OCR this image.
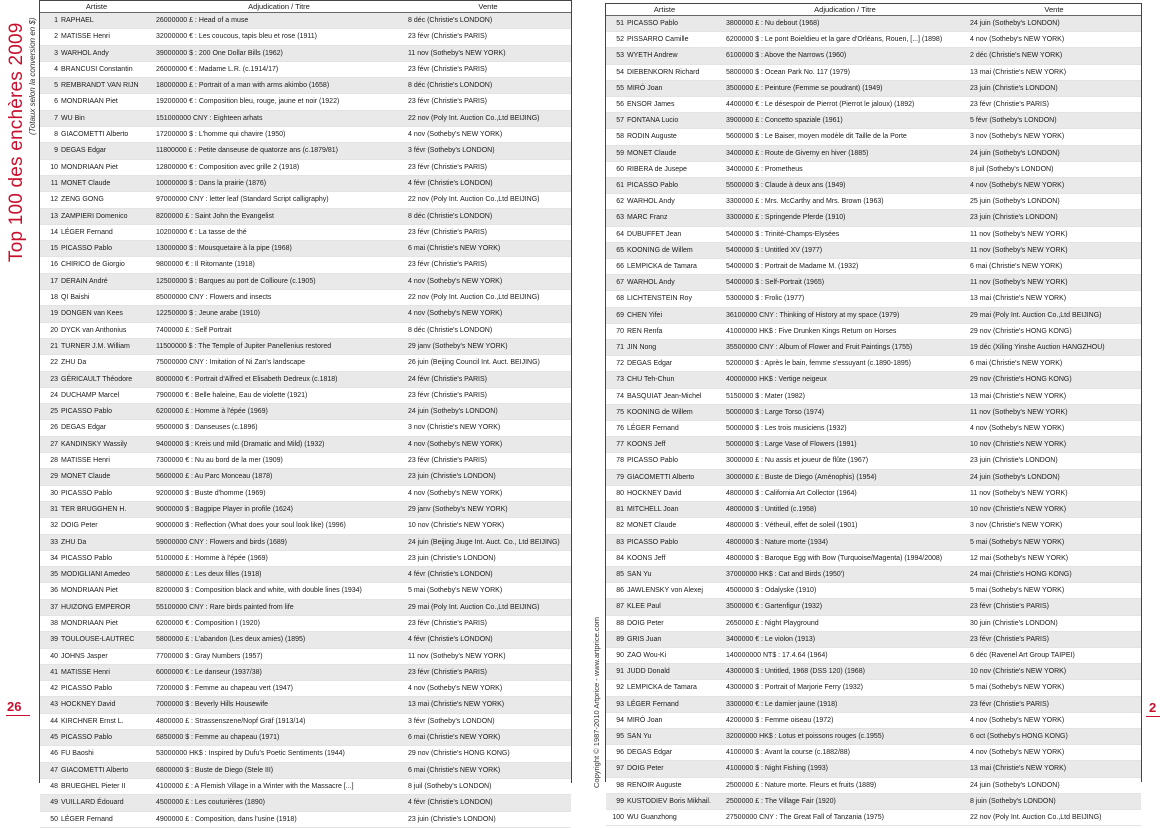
Top 100 des enchères 2009 (Totaux selon la conversion en $)
Copyright © 1987-2010 Artprice - www.artprice.com
26	2
Artiste	Adjudication / Titre	Vente
1 RAPHAEL	26000000 £ : Head of a muse	8 déc (Christie's LONDON)
2 MATISSE Henri	32000000 € : Les coucous, tapis bleu et rose (1911)	23 févr (Christie's PARIS)
3 WARHOL Andy	39000000 $ : 200 One Dollar Bills (1962)	11 nov (Sotheby's NEW YORK)
4 BRANCUSI Constantin	26000000 € : Madame L.R. (c.1914/17)	23 févr (Christie's PARIS)
5 REMBRANDT VAN RIJN	18000000 £ : Portrait of a man with arms akimbo (1658)	8 déc (Christie's LONDON)
6 MONDRIAAN Piet	19200000 € : Composition bleu, rouge, jaune et noir (1922)	23 févr (Christie's PARIS)
7 WU Bin	151000000 CNY : Eighteen arhats	22 nov (Poly Int. Auction Co.,Ltd BEIJING)
8 GIACOMETTI Alberto	17200000 $ : L'homme qui chavire (1950)	4 nov (Sotheby's NEW YORK)
9 DEGAS Edgar	11800000 £ : Petite danseuse de quatorze ans (c.1879/81)	3 févr (Sotheby's LONDON)
10 MONDRIAAN Piet	12800000 € : Composition avec grille 2 (1918)	23 févr (Christie's PARIS)
11 MONET Claude	10000000 $ : Dans la prairie (1876)	4 févr (Christie's LONDON)
12 ZENG GONG	97000000 CNY : letter leaf (Standard Script calligraphy)	22 nov (Poly Int. Auction Co.,Ltd BEIJING)
13 ZAMPIERI Domenico	8200000 £ : Saint John the Evangelist	8 déc (Christie's LONDON)
14 LÉGER Fernand	10200000 € : La tasse de thé	23 févr (Christie's PARIS)
15 PICASSO Pablo	13000000 $ : Mousquetaire à la pipe (1968)	6 mai (Christie's NEW YORK)
16 CHIRICO de Giorgio	9800000 € : Il Ritornante (1918)	23 févr (Christie's PARIS)
17 DERAIN André	12500000 $ : Barques au port de Collioure (c.1905)	4 nov (Sotheby's NEW YORK)
18 QI Baishi	85000000 CNY : Flowers and insects	22 nov (Poly Int. Auction Co.,Ltd BEIJING)
19 DONGEN van Kees	12250000 $ : Jeune arabe (1910)	4 nov (Sotheby's NEW YORK)
20 DYCK van Anthonius	7400000 £ : Self Portrait	8 déc (Christie's LONDON)
21 TURNER J.M. William	11500000 $ : The Temple of Jupiter Panellenius restored	29 janv (Sotheby's NEW YORK)
22 ZHU Da	75000000 CNY : Imitation of Ni Zan's landscape	26 juin (Beijing Council Int. Auct. BEIJING)
23 GÉRICAULT Théodore	8000000 € : Portrait d'Alfred et Elisabeth Dedreux (c.1818)	24 févr (Christie's PARIS)
24 DUCHAMP Marcel	7900000 € : Belle haleine, Eau de violette (1921)	23 févr (Christie's PARIS)
25 PICASSO Pablo	6200000 £ : Homme à l'épée (1969)	24 juin (Sotheby's LONDON)
26 DEGAS Edgar	9500000 $ : Danseuses (c.1896)	3 nov (Christie's NEW YORK)
27 KANDINSKY Wassily	9400000 $ : Kreis und mild (Dramatic and Mild) (1932)	4 nov (Sotheby's NEW YORK)
28 MATISSE Henri	7300000 € : Nu au bord de la mer (1909)	23 févr (Christie's PARIS)
29 MONET Claude	5600000 £ : Au Parc Monceau (1878)	23 juin (Christie's LONDON)
30 PICASSO Pablo	9200000 $ : Buste d'homme (1969)	4 nov (Sotheby's NEW YORK)
31 TER BRUGGHEN H.	9000000 $ : Bagpipe Player in profile (1624)	29 janv (Sotheby's NEW YORK)
32 DOIG Peter	9000000 $ : Reflection (What does your soul look like) (1996)	10 nov (Christie's NEW YORK)
33 ZHU Da	59000000 CNY : Flowers and birds (1689)	24 juin (Beijing Jiuge Int. Auct. Co., Ltd BEIJING)
34 PICASSO Pablo	5100000 £ : Homme à l'épée (1969)	23 juin (Christie's LONDON)
35 MODIGLIANI Amedeo	5800000 £ : Les deux filles (1918)	4 févr (Christie's LONDON)
36 MONDRIAAN Piet	8200000 $ : Composition black and white, with double lines (1934)	5 mai (Sotheby's NEW YORK)
37 HUIZONG EMPEROR	55100000 CNY : Rare birds painted from life	29 mai (Poly Int. Auction Co.,Ltd BEIJING)
38 MONDRIAAN Piet	6200000 € : Composition I (1920)	23 févr (Christie's PARIS)
39 TOULOUSE-LAUTREC	5800000 £ : L'abandon (Les deux amies) (1895)	4 févr (Christie's LONDON)
40 JOHNS Jasper	7700000 $ : Gray Numbers (1957)	11 nov (Sotheby's NEW YORK)
41 MATISSE Henri	6000000 € : Le danseur (1937/38)	23 févr (Christie's PARIS)
42 PICASSO Pablo	7200000 $ : Femme au chapeau vert (1947)	4 nov (Sotheby's NEW YORK)
43 HOCKNEY David	7000000 $ : Beverly Hills Housewife	13 mai (Christie's NEW YORK)
44 KIRCHNER Ernst L.	4800000 £ : Strassenszene/Nopf Gräf (1913/14)	3 févr (Sotheby's LONDON)
45 PICASSO Pablo	6850000 $ : Femme au chapeau (1971)	6 mai (Christie's NEW YORK)
46 FU Baoshi	53000000 HK$ : Inspired by Dufu's Poetic Sentiments (1944)	29 nov (Christie's HONG KONG)
47 GIACOMETTI Alberto	6800000 $ : Buste de Diego (Stele III)	6 mai (Christie's NEW YORK)
48 BRUEGHEL Pieter II	4100000 £ : A Flemish Village in a Winter with the Massacre [...]	8 juil (Sotheby's LONDON)
49 VUILLARD Édouard	4500000 £ : Les couturières (1890)	4 févr (Christie's LONDON)
50 LÉGER Fernand	4900000 £ : Composition, dans l'usine (1918)	23 juin (Christie's LONDON)
Artiste	Adjudication / Titre	Vente
51 PICASSO Pablo	3800000 £ : Nu debout (1968)	24 juin (Sotheby's LONDON)
52 PISSARRO Camille	6200000 $ : Le pont Boieldieu et la gare d'Orléans, Rouen, [...] (1898)	4 nov (Sotheby's NEW YORK)
53 WYETH Andrew	6100000 $ : Above the Narrows (1960)	2 déc (Christie's NEW YORK)
54 DIEBENKORN Richard	5800000 $ : Ocean Park No. 117 (1979)	13 mai (Christie's NEW YORK)
55 MIRÓ Joan	3500000 £ : Peinture (Femme se poudrant) (1949)	23 juin (Christie's LONDON)
56 ENSOR James	4400000 € : Le désespoir de Pierrot (Pierrot le jaloux) (1892)	23 févr (Christie's PARIS)
57 FONTANA Lucio	3900000 £ : Concetto spaziale (1961)	5 févr (Sotheby's LONDON)
58 RODIN Auguste	5600000 $ : Le Baiser, moyen modèle dit Taille de la Porte	3 nov (Sotheby's NEW YORK)
59 MONET Claude	3400000 £ : Route de Giverny en hiver (1885)	24 juin (Sotheby's LONDON)
60 RIBERA de Jusepe	3400000 £ : Prometheus	8 juil (Sotheby's LONDON)
61 PICASSO Pablo	5500000 $ : Claude à deux ans (1949)	4 nov (Sotheby's NEW YORK)
62 WARHOL Andy	3300000 £ : Mrs. McCarthy and Mrs. Brown (1963)	25 juin (Sotheby's LONDON)
63 MARC Franz	3300000 £ : Springende Pferde (1910)	23 juin (Christie's LONDON)
64 DUBUFFET Jean	5400000 $ : Trinité-Champs-Elysées	11 nov (Sotheby's NEW YORK)
65 KOONING de Willem	5400000 $ : Untitled XV (1977)	11 nov (Sotheby's NEW YORK)
66 LEMPICKA de Tamara	5400000 $ : Portrait de Madame M. (1932)	6 mai (Christie's NEW YORK)
67 WARHOL Andy	5400000 $ : Self-Portrait (1965)	11 nov (Sotheby's NEW YORK)
68 LICHTENSTEIN Roy	5300000 $ : Frolic (1977)	13 mai (Christie's NEW YORK)
69 CHEN Yifei	36100000 CNY : Thinking of History at my space (1979)	29 mai (Poly Int. Auction Co.,Ltd BEIJING)
70 REN Renfa	41000000 HK$ : Five Drunken Kings Return on Horses	29 nov (Christie's HONG KONG)
71 JIN Nong	35500000 CNY : Album of Flower and Fruit Paintings (1755)	19 déc (Xiling Yinshe Auction HANGZHOU)
72 DEGAS Edgar	5200000 $ : Après le bain, femme s'essuyant (c.1890-1895)	6 mai (Christie's NEW YORK)
73 CHU Teh-Chun	40000000 HK$ : Vertige neigeux	29 nov (Christie's HONG KONG)
74 BASQUIAT Jean-Michel	5150000 $ : Mater (1982)	13 mai (Christie's NEW YORK)
75 KOONING de Willem	5000000 $ : Large Torso (1974)	11 nov (Sotheby's NEW YORK)
76 LÉGER Fernand	5000000 $ : Les trois musiciens (1932)	4 nov (Sotheby's NEW YORK)
77 KOONS Jeff	5000000 $ : Large Vase of Flowers (1991)	10 nov (Christie's NEW YORK)
78 PICASSO Pablo	3000000 £ : Nu assis et joueur de flûte (1967)	23 juin (Christie's LONDON)
79 GIACOMETTI Alberto	3000000 £ : Buste de Diego (Aménophis) (1954)	24 juin (Sotheby's LONDON)
80 HOCKNEY David	4800000 $ : California Art Collector (1964)	11 nov (Sotheby's NEW YORK)
81 MITCHELL Joan	4800000 $ : Untitled (c.1958)	10 nov (Christie's NEW YORK)
82 MONET Claude	4800000 $ : Vétheuil, effet de soleil (1901)	3 nov (Christie's NEW YORK)
83 PICASSO Pablo	4800000 $ : Nature morte (1934)	5 mai (Sotheby's NEW YORK)
84 KOONS Jeff	4800000 $ : Baroque Egg with Bow (Turquoise/Magenta) (1994/2008)	12 mai (Sotheby's NEW YORK)
85 SAN Yu	37000000 HK$ : Cat and Birds (1950')	24 mai (Christie's HONG KONG)
86 JAWLENSKY von Alexej	4500000 $ : Odalyske (1910)	5 mai (Sotheby's NEW YORK)
87 KLEE Paul	3500000 € : Gartenfigur (1932)	23 févr (Christie's PARIS)
88 DOIG Peter	2650000 £ : Night Playground	30 juin (Christie's LONDON)
89 GRIS Juan	3400000 € : Le violon (1913)	23 févr (Christie's PARIS)
90 ZAO Wou-Ki	140000000 NT$ : 17.4.64 (1964)	6 déc (Ravenel Art Group TAIPEI)
91 JUDD Donald	4300000 $ : Untitled, 1968 (DSS 120) (1968)	10 nov (Christie's NEW YORK)
92 LEMPICKA de Tamara	4300000 $ : Portrait of Marjorie Ferry (1932)	5 mai (Sotheby's NEW YORK)
93 LÉGER Fernand	3300000 € : Le damier jaune (1918)	23 févr (Christie's PARIS)
94 MIRÓ Joan	4200000 $ : Femme oiseau (1972)	4 nov (Sotheby's NEW YORK)
95 SAN Yu	32000000 HK$ : Lotus et poissons rouges (c.1955)	6 oct (Sotheby's HONG KONG)
96 DEGAS Edgar	4100000 $ : Avant la course (c.1882/88)	4 nov (Sotheby's NEW YORK)
97 DOIG Peter	4100000 $ : Night Fishing (1993)	13 mai (Christie's NEW YORK)
98 RENOIR Auguste	2500000 £ : Nature morte. Fleurs et fruits (1889)	24 juin (Sotheby's LONDON)
99 KUSTODIEV Boris Mikhail.	2500000 £ : The Village Fair (1920)	8 juin (Sotheby's LONDON)
100 WU Guanzhong	27500000 CNY : The Great Fall of Tanzania (1975)	22 nov (Poly Int. Auction Co.,Ltd BEIJING)
